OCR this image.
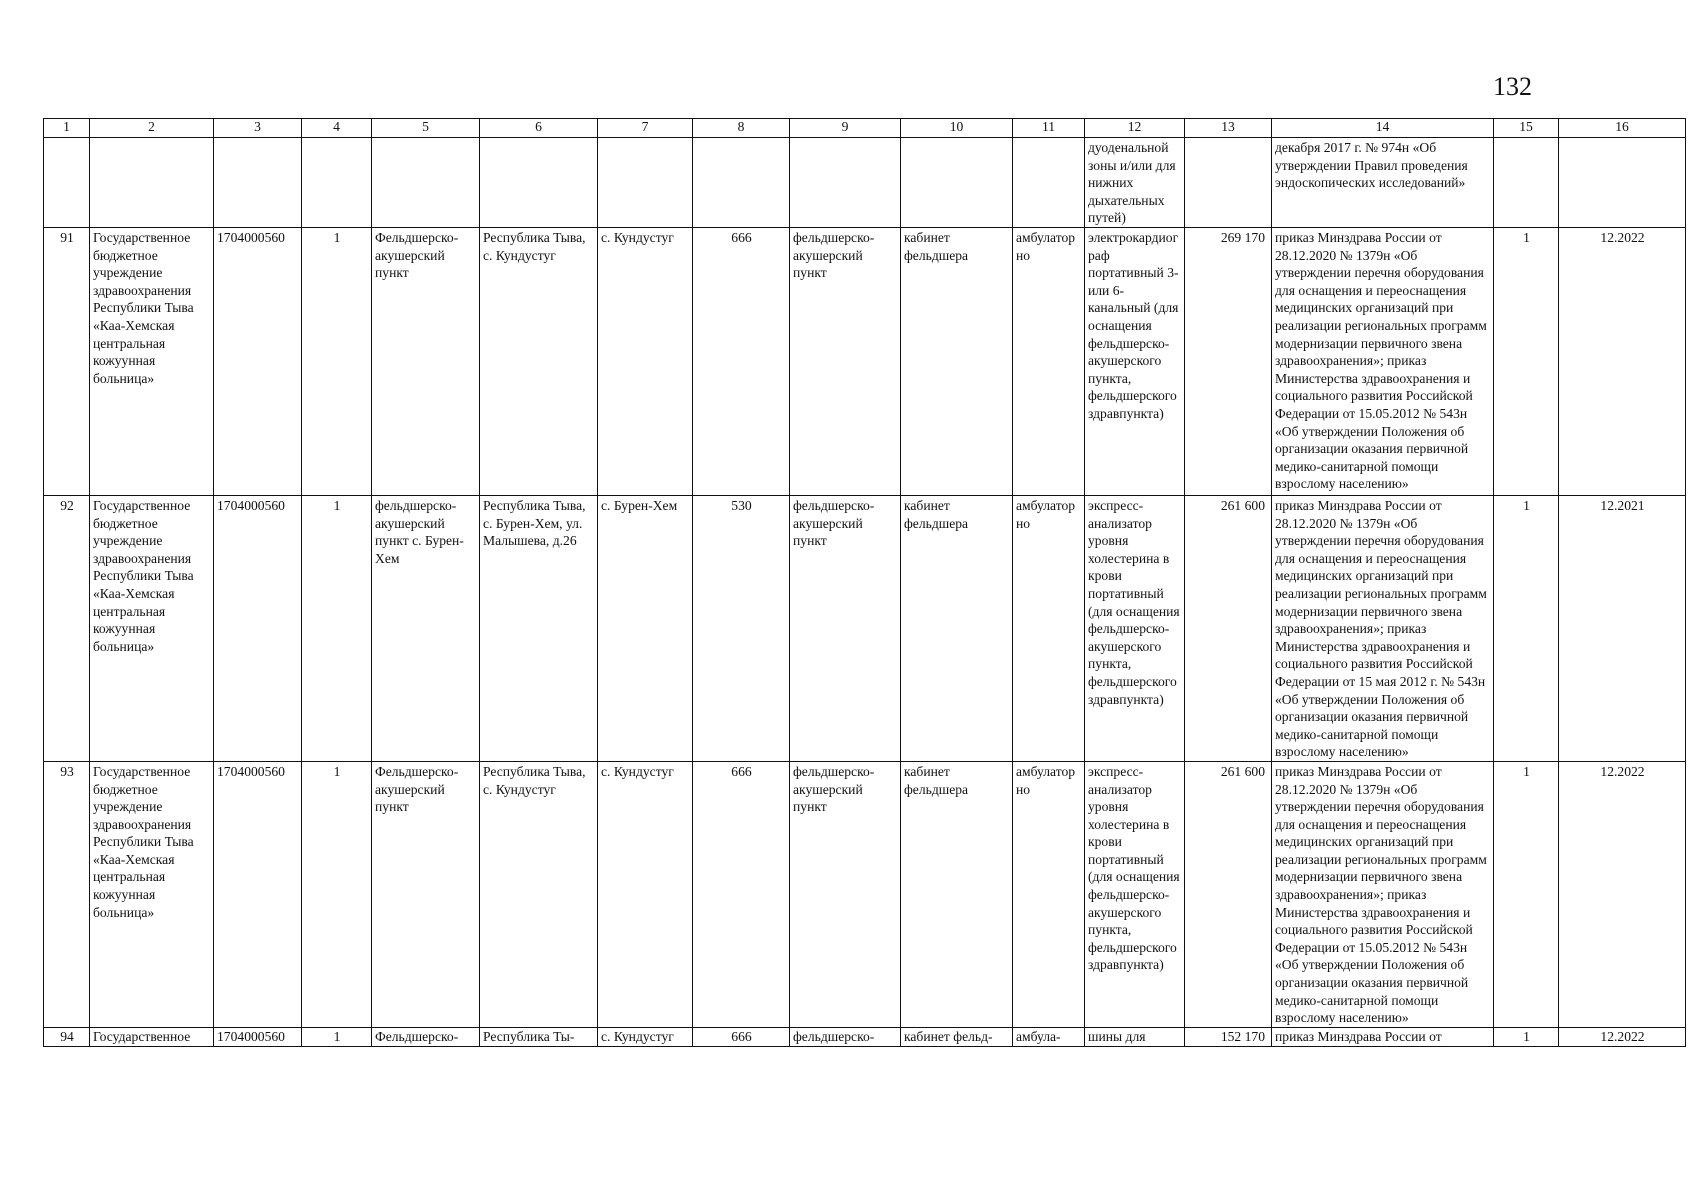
132
1	2	3	4	5	6	7	8	9	10	11	12	13	14	15	16
											дуоденальной зоны и/или для нижних дыхательных путей)		декабря 2017 г. № 974н «Об утверждении Правил проведения эндоскопических исследований»		
91	Государственное бюджетное учреждение здравоохранения Республики Тыва «Каа-Хемская центральная кожуунная больница»	1704000560	1	Фельдшерско-акушерский пункт	Республика Тыва, с. Кундустуг	с. Кундустуг	666	фельдшерско-акушерский пункт	кабинет фельдшера	амбулаторно	электрокардиограф портативный 3- или 6-канальный (для оснащения фельдшерско-акушерского пункта, фельдшерского здравпункта)	269 170	приказ Минздрава России от 28.12.2020 № 1379н «Об утверждении перечня оборудования для оснащения и переоснащения медицинских организаций при реализации региональных программ модернизации первичного звена здравоохранения»; приказ Министерства здравоохранения и социального развития Российской Федерации от 15.05.2012 № 543н «Об утверждении Положения об организации оказания первичной медико-санитарной помощи взрослому населению»	1	12.2022
92	Государственное бюджетное учреждение здравоохранения Республики Тыва «Каа-Хемская центральная кожуунная больница»	1704000560	1	фельдшерско-акушерский пункт с. Бурен-Хем	Республика Тыва, с. Бурен-Хем, ул. Малышева, д.26	с. Бурен-Хем	530	фельдшерско-акушерский пункт	кабинет фельдшера	амбулаторно	экспресс-анализатор уровня холестерина в крови портативный (для оснащения фельдшерско-акушерского пункта, фельдшерского здравпункта)	261 600	приказ Минздрава России от 28.12.2020 № 1379н «Об утверждении перечня оборудования для оснащения и переоснащения медицинских организаций при реализации региональных программ модернизации первичного звена здравоохранения»; приказ Министерства здравоохранения и социального развития Российской Федерации от 15 мая 2012 г. № 543н «Об утверждении Положения об организации оказания первичной медико-санитарной помощи взрослому населению»	1	12.2021
93	Государственное бюджетное учреждение здравоохранения Республики Тыва «Каа-Хемская центральная кожуунная больница»	1704000560	1	Фельдшерско-акушерский пункт	Республика Тыва, с. Кундустуг	с. Кундустуг	666	фельдшерско-акушерский пункт	кабинет фельдшера	амбулаторно	экспресс-анализатор уровня холестерина в крови портативный (для оснащения фельдшерско-акушерского пункта, фельдшерского здравпункта)	261 600	приказ Минздрава России от 28.12.2020 № 1379н «Об утверждении перечня оборудования для оснащения и переоснащения медицинских организаций при реализации региональных программ модернизации первичного звена здравоохранения»; приказ Министерства здравоохранения и социального развития Российской Федерации от 15.05.2012 № 543н «Об утверждении Положения об организации оказания первичной медико-санитарной помощи взрослому населению»	1	12.2022
94	Государственное	1704000560	1	Фельдшерско-	Республика Ты-	с. Кундустуг	666	фельдшерско-	кабинет фельд-	амбула-	шины для	152 170	приказ Минздрава России от	1	12.2022
